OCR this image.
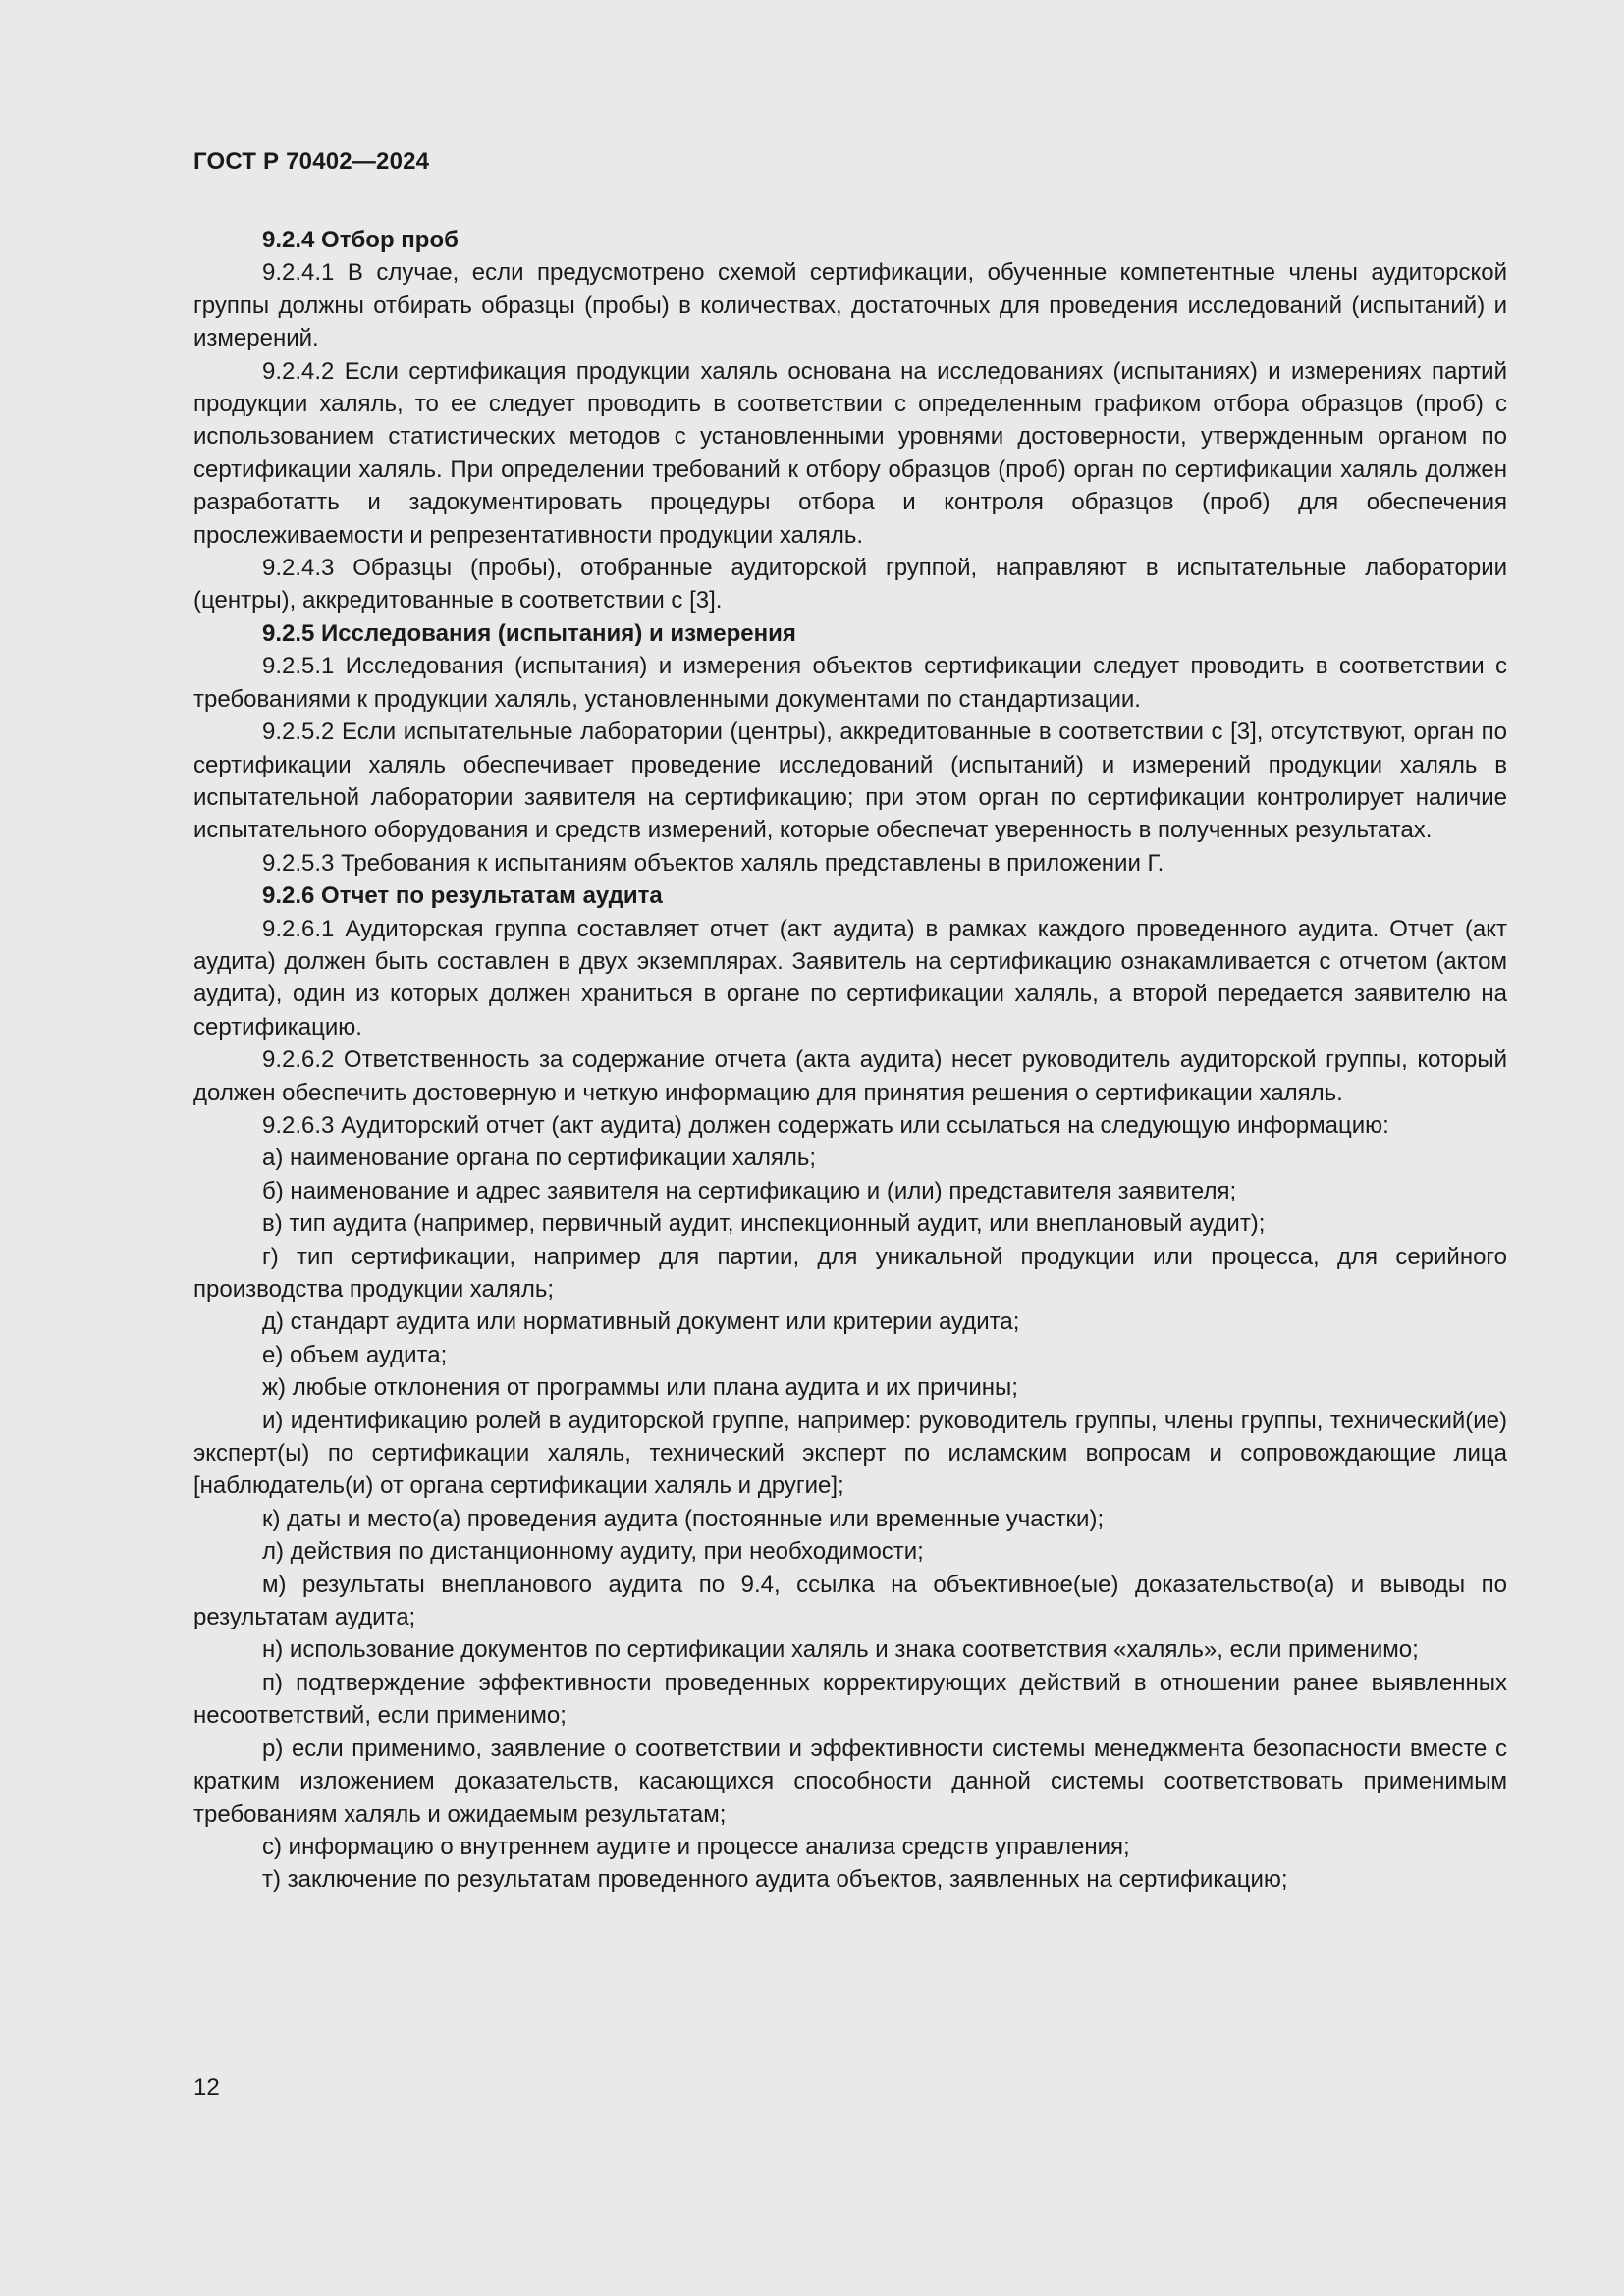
ГОСТ Р 70402—2024

9.2.4 Отбор проб

9.2.4.1 В случае, если предусмотрено схемой сертификации, обученные компетентные члены аудиторской группы должны отбирать образцы (пробы) в количествах, достаточных для проведения исследований (испытаний) и измерений.

9.2.4.2 Если сертификация продукции халяль основана на исследованиях (испытаниях) и измерениях партий продукции халяль, то ее следует проводить в соответствии с определенным графиком отбора образцов (проб) с использованием статистических методов с установленными уровнями достоверности, утвержденным органом по сертификации халяль. При определении требований к отбору образцов (проб) орган по сертификации халяль должен разработатть и задокументировать процедуры отбора и контроля образцов (проб) для обеспечения прослеживаемости и репрезентативности продукции халяль.

9.2.4.3 Образцы (пробы), отобранные аудиторской группой, направляют в испытательные лаборатории (центры), аккредитованные в соответствии с [3].

9.2.5 Исследования (испытания) и измерения

9.2.5.1 Исследования (испытания) и измерения объектов сертификации следует проводить в соответствии с требованиями к продукции халяль, установленными документами по стандартизации.

9.2.5.2 Если испытательные лаборатории (центры), аккредитованные в соответствии с [3], отсутствуют, орган по сертификации халяль обеспечивает проведение исследований (испытаний) и измерений продукции халяль в испытательной лаборатории заявителя на сертификацию; при этом орган по сертификации контролирует наличие испытательного оборудования и средств измерений, которые обеспечат уверенность в полученных результатах.

9.2.5.3 Требования к испытаниям объектов халяль представлены в приложении Г.

9.2.6 Отчет по результатам аудита

9.2.6.1 Аудиторская группа составляет отчет (акт аудита) в рамках каждого проведенного аудита. Отчет (акт аудита) должен быть составлен в двух экземплярах. Заявитель на сертификацию ознакамливается с отчетом (актом аудита), один из которых должен храниться в органе по сертификации халяль, а второй передается заявителю на сертификацию.

9.2.6.2 Ответственность за содержание отчета (акта аудита) несет руководитель аудиторской группы, который должен обеспечить достоверную и четкую информацию для принятия решения о сертификации халяль.

9.2.6.3 Аудиторский отчет (акт аудита) должен содержать или ссылаться на следующую информацию:

а) наименование органа по сертификации халяль;

б) наименование и адрес заявителя на сертификацию и (или) представителя заявителя;

в) тип аудита (например, первичный аудит, инспекционный аудит, или внеплановый аудит);

г) тип сертификации, например для партии, для уникальной продукции или процесса, для серийного производства продукции халяль;

д) стандарт аудита или нормативный документ или критерии аудита;

е) объем аудита;

ж) любые отклонения от программы или плана аудита и их причины;

и) идентификацию ролей в аудиторской группе, например: руководитель группы, члены группы, технический(ие) эксперт(ы) по сертификации халяль, технический эксперт по исламским вопросам и сопровождающие лица [наблюдатель(и) от органа сертификации халяль и другие];

к) даты и место(а) проведения аудита (постоянные или временные участки);

л) действия по дистанционному аудиту, при необходимости;

м) результаты внепланового аудита по 9.4, ссылка на объективное(ые) доказательство(а) и выводы по результатам аудита;

н) использование документов по сертификации халяль и знака соответствия «халяль», если применимо;

п) подтверждение эффективности проведенных корректирующих действий в отношении ранее выявленных несоответствий, если применимо;

р) если применимо, заявление о соответствии и эффективности системы менеджмента безопасности вместе с кратким изложением доказательств, касающихся способности данной системы соответствовать применимым требованиям халяль и ожидаемым результатам;

с) информацию о внутреннем аудите и процессе анализа средств управления;

т) заключение по результатам проведенного аудита объектов, заявленных на сертификацию;

12
